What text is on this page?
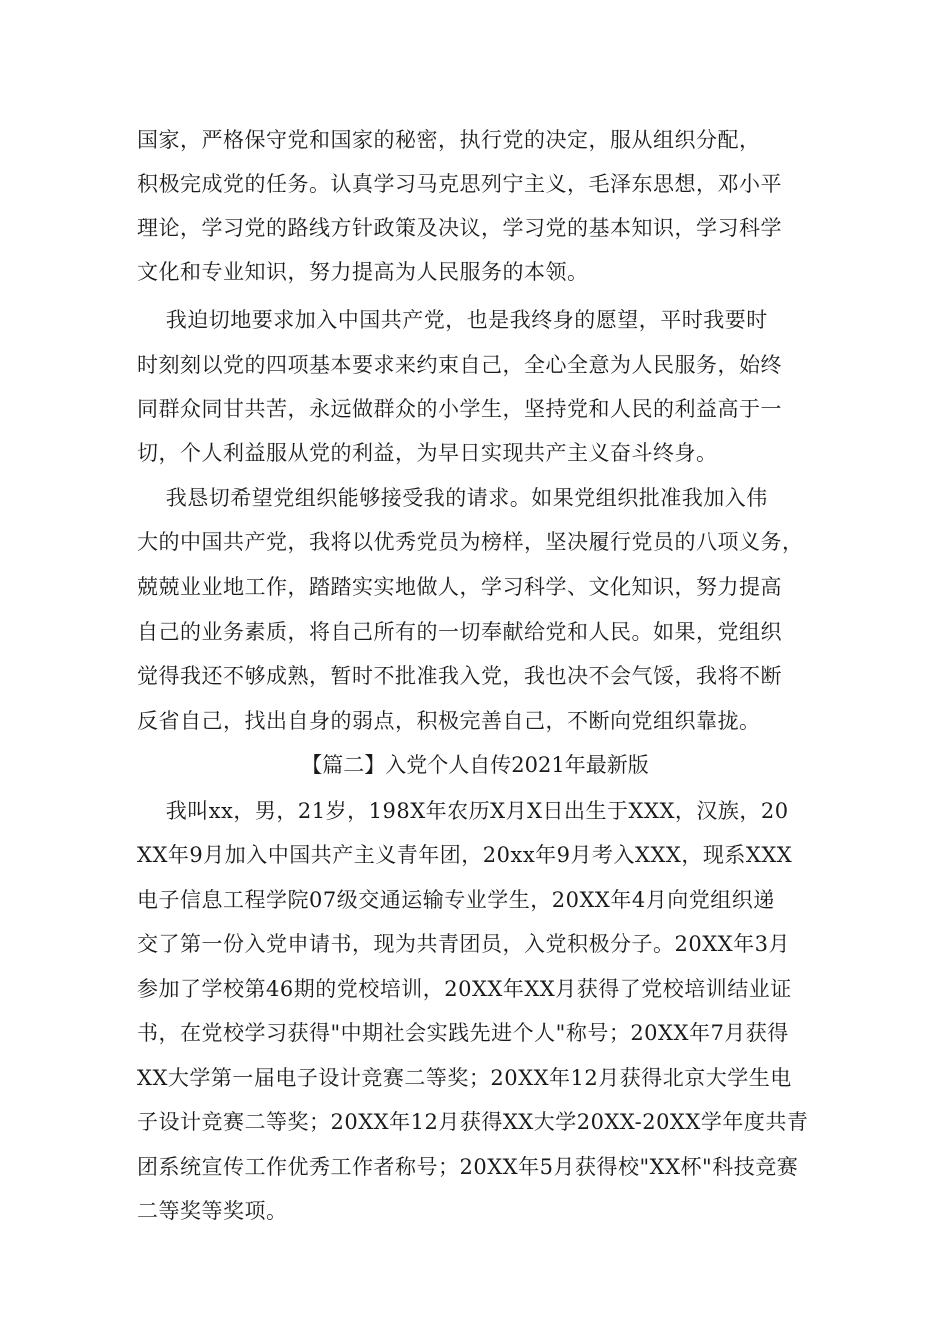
国家，严格保守党和国家的秘密，执行党的决定，服从组织分配，
积极完成党的任务。认真学习马克思列宁主义，毛泽东思想，邓小平
理论，学习党的路线方针政策及决议，学习党的基本知识，学习科学
文化和专业知识，努力提高为人民服务的本领。
我迫切地要求加入中国共产党，也是我终身的愿望，平时我要时
时刻刻以党的四项基本要求来约束自己，全心全意为人民服务，始终
同群众同甘共苦，永远做群众的小学生，坚持党和人民的利益高于一
切，个人利益服从党的利益，为早日实现共产主义奋斗终身。
我恳切希望党组织能够接受我的请求。如果党组织批准我加入伟
大的中国共产党，我将以优秀党员为榜样，坚决履行党员的八项义务，
兢兢业业地工作，踏踏实实地做人，学习科学、文化知识，努力提高
自己的业务素质，将自己所有的一切奉献给党和人民。如果，党组织
觉得我还不够成熟，暂时不批准我入党，我也决不会气馁，我将不断
反省自己，找出自身的弱点，积极完善自己，不断向党组织靠拢。
【篇二】入党个人自传2021年最新版
我叫xx，男，21岁，198X年农历X月X日出生于XXX，汉族，20
XX年9月加入中国共产主义青年团，20xx年9月考入XXX，现系XXX
电子信息工程学院07级交通运输专业学生，20XX年4月向党组织递
交了第一份入党申请书，现为共青团员，入党积极分子。20XX年3月
参加了学校第46期的党校培训，20XX年XX月获得了党校培训结业证
书，在党校学习获得"中期社会实践先进个人"称号；20XX年7月获得
XX大学第一届电子设计竞赛二等奖；20XX年12月获得北京大学生电
子设计竞赛二等奖；20XX年12月获得XX大学20XX-20XX学年度共青
团系统宣传工作优秀工作者称号；20XX年5月获得校"XX杯"科技竞赛
二等奖等奖项。
